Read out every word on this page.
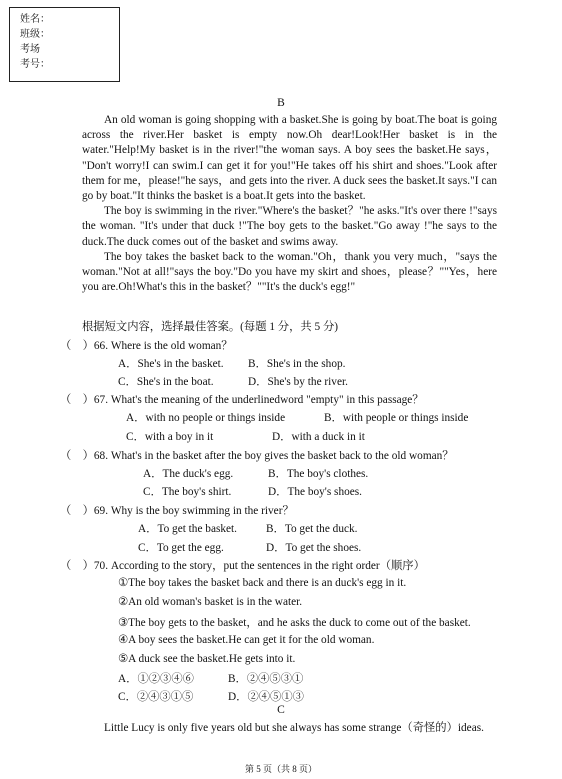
姓名：
班级：
考场
考号：
B

An old woman is going shopping with a basket.She is going by boat.The boat is going across the river.Her basket is empty now.Oh dear!Look!Her basket is in the water."Help!My basket is in the river!"the woman says. A boy sees the basket.He says， "Don't worry!I can swim.I can get it for you!"He takes off his shirt and shoes."Look after them for me，please!"he says，and gets into the river. A duck sees the basket.It says."I can go by boat."It thinks the basket is a boat.It gets into the basket.

The boy is swimming in the river."Where's the basket？"he asks."It's over there !"says the woman. "It's under that duck !"The boy gets to the basket."Go away !"he says to the duck.The duck comes out of the basket and swims away.

The boy takes the basket back to the woman."Oh，thank you very much，"says the woman."Not at all!"says the boy."Do you have my skirt and shoes，please？""Yes，here you are.Oh!What's this in the basket？""It's the duck's egg!"

根据短文内容，选择最佳答案。(每题 1 分，共 5 分)
（　）66. Where is the old woman？
A．She's in the basket. B．She's in the shop.
C．She's in the boat.	D．She's by the river.
（　）67. What's the meaning of the underlinedword "empty" in this passage？
A．with no people or things inside	B．with people or things inside
C．with a boy in it	D．with a duck in it
（　）68. What's in the basket after the boy gives the basket back to the old woman？
A．The duck's egg.	B．The boy's clothes.
C．The boy's shirt.	D．The boy's shoes.
（　）69. Why is the boy swimming in the river？
A．To get the basket.	B．To get the duck.
C．To get the egg.	D．To get the shoes.
（　）70. According to the story，put the sentences in the right order（顺序）
①The boy takes the basket back and there is an duck's egg in it.
②An old woman's basket is in the water.
③The boy gets to the basket，and he asks the duck to come out of the basket.
④A boy sees the basket.He can get it for the old woman.
⑤A duck see the basket.He gets into it.
A．①②③④⑥	B．②④⑤③①
C．②④③①⑤	D．②④⑤①③
C

Little Lucy is only five years old but she always has some strange（奇怪的）ideas.

第 5 页（共 8 页）
